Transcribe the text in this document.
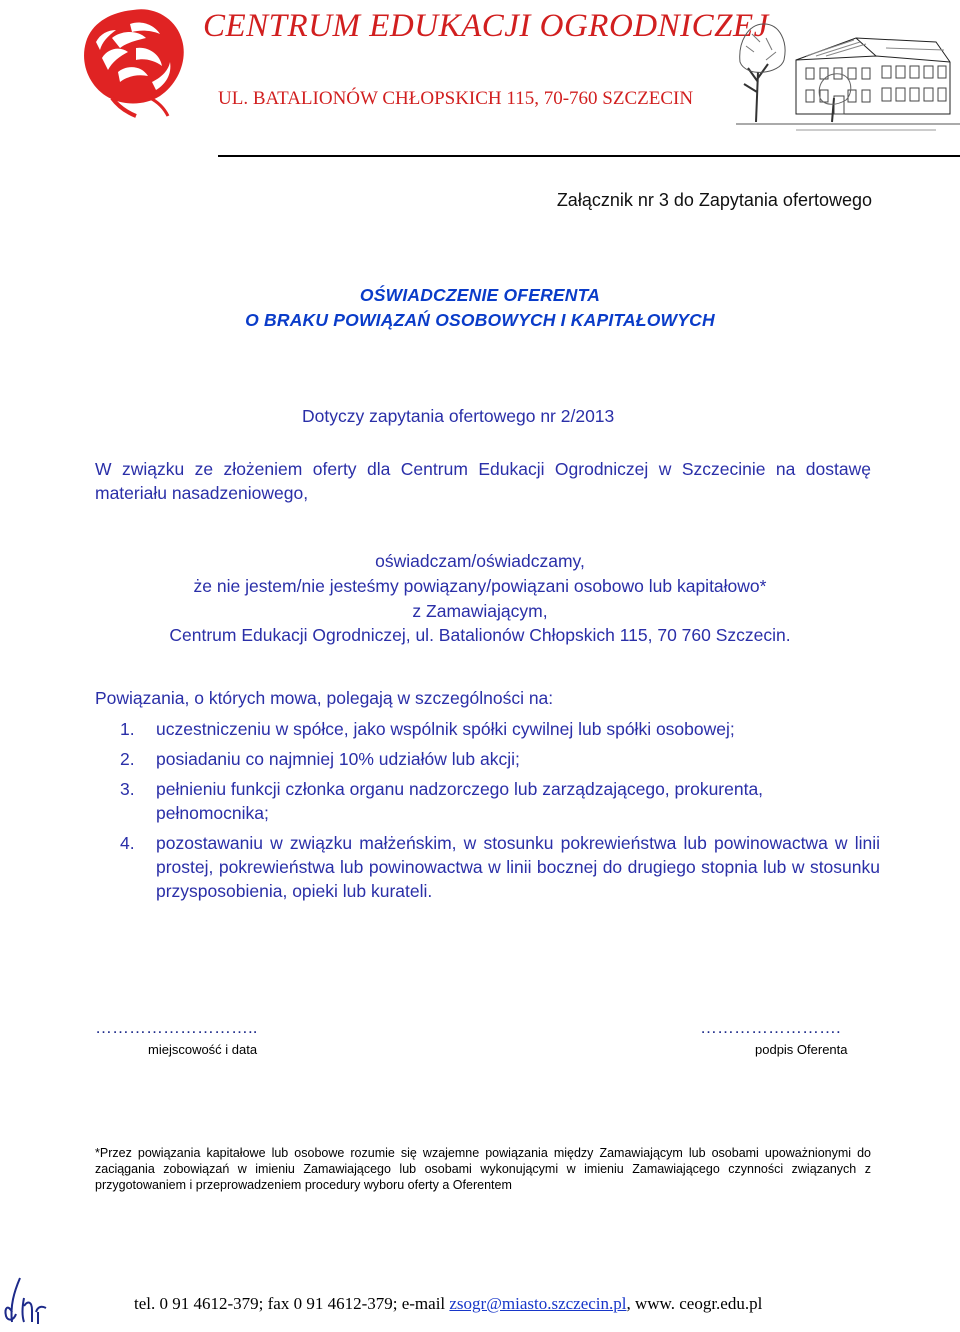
CENTRUM EDUKACJI OGRODNICZEJ
UL. BATALIONÓW CHŁOPSKICH 115, 70-760 SZCZECIN
Załącznik nr 3 do Zapytania ofertowego
OŚWIADCZENIE OFERENTA
O BRAKU POWIĄZAŃ OSOBOWYCH I KAPITAŁOWYCH
Dotyczy zapytania ofertowego nr 2/2013
W związku ze złożeniem oferty dla Centrum Edukacji Ogrodniczej w Szczecinie na dostawę materiału nasadzeniowego,
oświadczam/oświadczamy,
że nie jestem/nie jesteśmy powiązany/powiązani osobowo lub kapitałowo*
z Zamawiającym,
Centrum Edukacji Ogrodniczej, ul. Batalionów Chłopskich 115, 70 760 Szczecin.
Powiązania, o których mowa, polegają w szczególności na:
1. uczestniczeniu w spółce, jako wspólnik spółki cywilnej lub spółki osobowej;
2. posiadaniu co najmniej 10% udziałów lub akcji;
3. pełnieniu funkcji członka organu nadzorczego lub zarządzającego, prokurenta, pełnomocnika;
4. pozostawaniu w związku małżeńskim, w stosunku pokrewieństwa lub powinowactwa w linii prostej, pokrewieństwa lub powinowactwa w linii bocznej do drugiego stopnia lub w stosunku przysposobienia, opieki lub kurateli.
………………………..
miejscowość i data
…………………….
podpis Oferenta
*Przez powiązania kapitałowe lub osobowe rozumie się wzajemne powiązania między Zamawiającym lub osobami upoważnionymi do zaciągania zobowiązań w imieniu Zamawiającego lub osobami wykonującymi w imieniu Zamawiającego czynności związanych z przygotowaniem i przeprowadzeniem procedury wyboru oferty a Oferentem
tel. 0 91 4612-379; fax 0 91 4612-379; e-mail zsogr@miasto.szczecin.pl, www. ceogr.edu.pl
